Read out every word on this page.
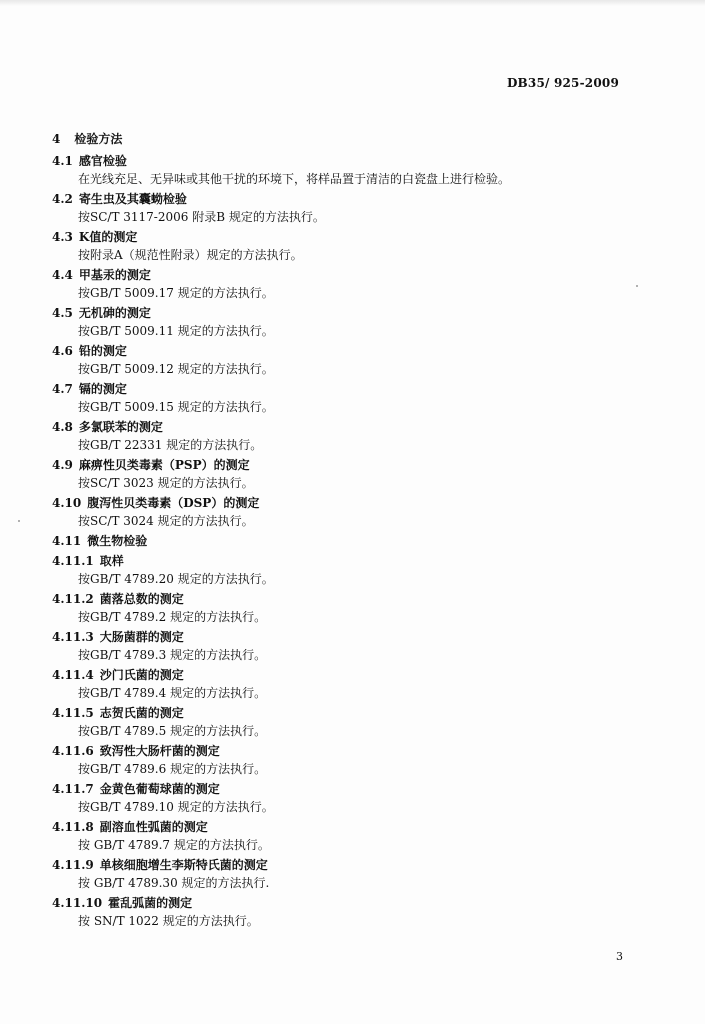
DB35/ 925-2009
4 检验方法
4.1 感官检验
在光线充足、无异味或其他干扰的环境下，将样品置于清洁的白瓷盘上进行检验。
4.2 寄生虫及其囊蚴检验
按SC/T 3117-2006 附录B 规定的方法执行。
4.3 K值的测定
按附录A（规范性附录）规定的方法执行。
4.4 甲基汞的测定
按GB/T 5009.17 规定的方法执行。
4.5 无机砷的测定
按GB/T 5009.11 规定的方法执行。
4.6 铅的测定
按GB/T 5009.12 规定的方法执行。
4.7 镉的测定
按GB/T 5009.15 规定的方法执行。
4.8 多氯联苯的测定
按GB/T 22331 规定的方法执行。
4.9 麻痹性贝类毒素（PSP）的测定
按SC/T 3023 规定的方法执行。
4.10 腹泻性贝类毒素（DSP）的测定
按SC/T 3024 规定的方法执行。
4.11 微生物检验
4.11.1 取样
按GB/T 4789.20 规定的方法执行。
4.11.2 菌落总数的测定
按GB/T 4789.2 规定的方法执行。
4.11.3 大肠菌群的测定
按GB/T 4789.3 规定的方法执行。
4.11.4 沙门氏菌的测定
按GB/T 4789.4 规定的方法执行。
4.11.5 志贺氏菌的测定
按GB/T 4789.5 规定的方法执行。
4.11.6 致泻性大肠杆菌的测定
按GB/T 4789.6 规定的方法执行。
4.11.7 金黄色葡萄球菌的测定
按GB/T 4789.10 规定的方法执行。
4.11.8 副溶血性弧菌的测定
按 GB/T 4789.7 规定的方法执行。
4.11.9 单核细胞增生李斯特氏菌的测定
按 GB/T 4789.30 规定的方法执行.
4.11.10 霍乱弧菌的测定
按 SN/T 1022 规定的方法执行。
3
